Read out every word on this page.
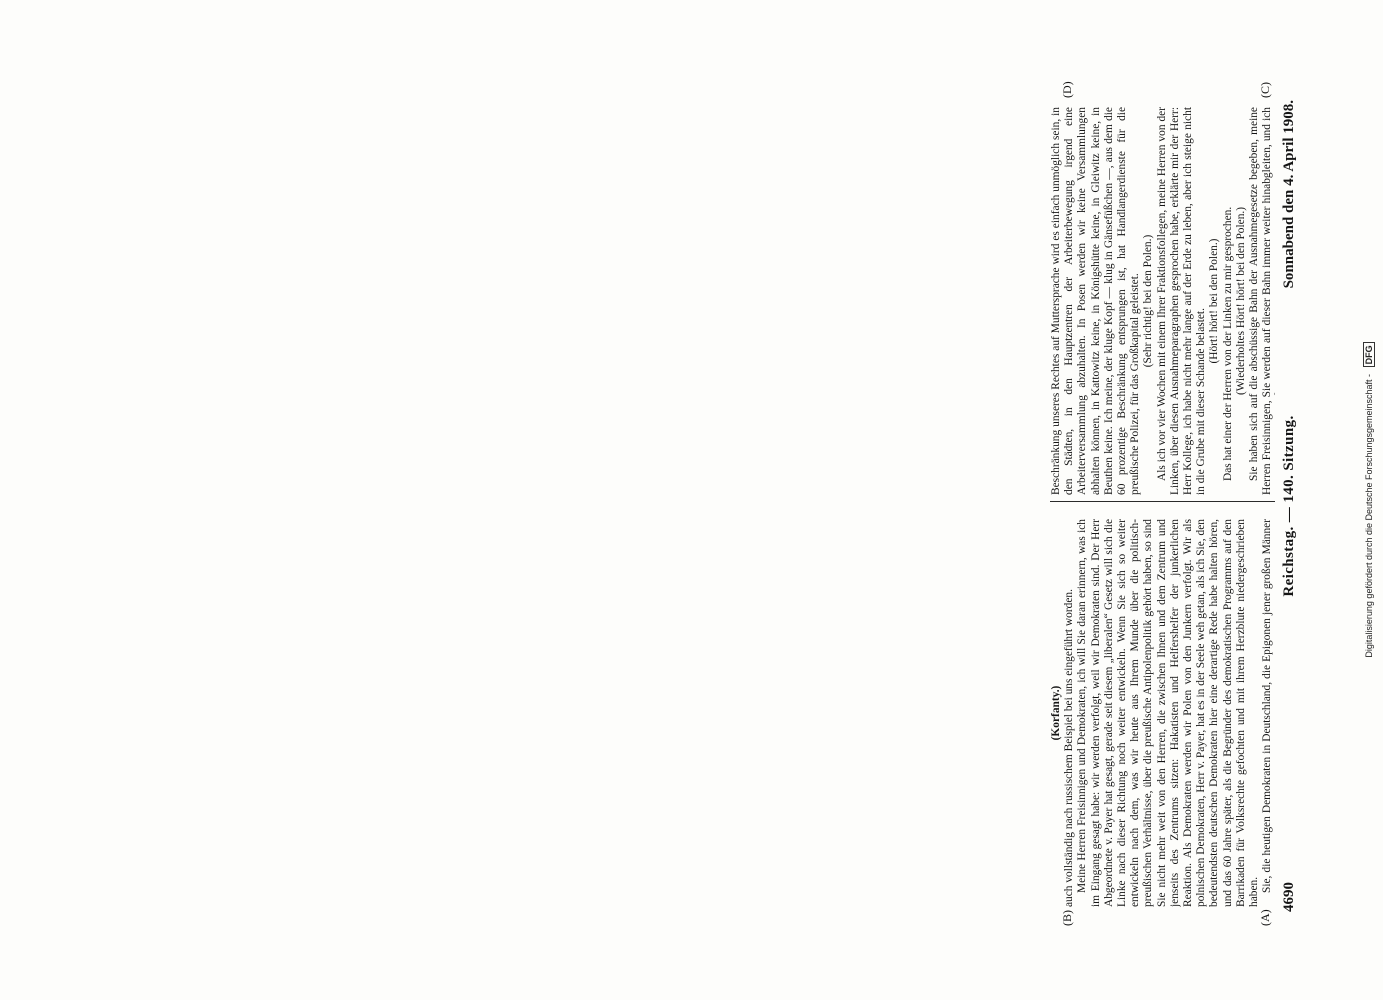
4690
Reichstag. — 140. Sitzung.
Sonnabend den 4. April 1908.
(A)
(B)
(C)
(D)

(Korfanty.) auch vollständig nach russischem Beispiel bei uns eingeführt worden. Meine Herren Freisinnigen und Demokraten, ich will Sie daran erinnern, was ich im Eingang gesagt habe: wir werden verfolgt, weil wir Demokraten sind. Der Herr Abgeordnete v. Payer hat gesagt, gerade seit diesem „liberalen“ Gesetz will sich die Linke nach dieser Richtung noch weiter entwickeln. Wenn Sie sich so weiter entwickeln nach dem, was wir heute aus Ihrem Munde über die politisch-preußischen Verhältnisse, über die preußische Antipolenpolitik gehört haben, so sind Sie nicht mehr weit von den Herren, die zwischen Ihnen und dem Zentrum und jenseits des Zentrums sitzen: Hakatisten und Helfershelfer der junkerlichen Reaktion. Als Demokraten werden wir Polen von den Junkern verfolgt. Wir als polnischen Demokraten, Herr v. Payer, hat es in der Seele weh getan, als ich Sie, den bedeutendsten deutschen Demokraten hier eine derartige Rede habe halten hören, und das 60 Jahre später, als die Begründer des demokratischen Programms auf den Barrikaden für Volksrechte gefochten und mit ihrem Herzblute niedergeschrieben haben. Sie, die heutigen Demokraten in Deutschland, die Epigonen jener großen Männer

Beschränkung unseres Rechtes auf Muttersprache wird es einfach unmöglich sein, in den Städten, in den Hauptzentren der Arbeiterbewegung irgend eine Arbeiterversammlung abzuhalten. In Posen werden wir keine Versammlungen abhalten können, in Kattowitz keine, in Königshütte keine, in Gleiwitz keine, in Beuthen keine. Ich meine, der kluge Kopf — klug in Gänsefüßchen —, aus dem die 60 prozentige Beschränkung entsprungen ist, hat Handlangerdienste für die preußische Polizei, für das Großkapital geleistet. (Sehr richtig! bei den Polen.) Als ich vor vier Wochen mit einem Ihrer Fraktionsfollegen, meine Herren von der Linken, über diesen Ausnahmeparagraphen gesprochen habe, erklärte mir der Herr: Herr Kollege, ich habe nicht mehr lange auf der Erde zu leben, aber ich steige nicht in die Grube mit dieser Schande belastet.

(Hört! hört! bei den Polen.) Das hat einer der Herren von der Linken zu mir gesprochen. (Wiederholtes Hört! hört! bei den Polen.)

Sie haben sich auf die abschüssige Bahn der Ausnahmegesetze begeben, meine Herren Freisinnigen, Sie werden auf dieser Bahn immer weiter hinabgleiten, und ich

Digitalisierung gefördert durch die Deutsche Forschungsgemeinschaft - DFG
